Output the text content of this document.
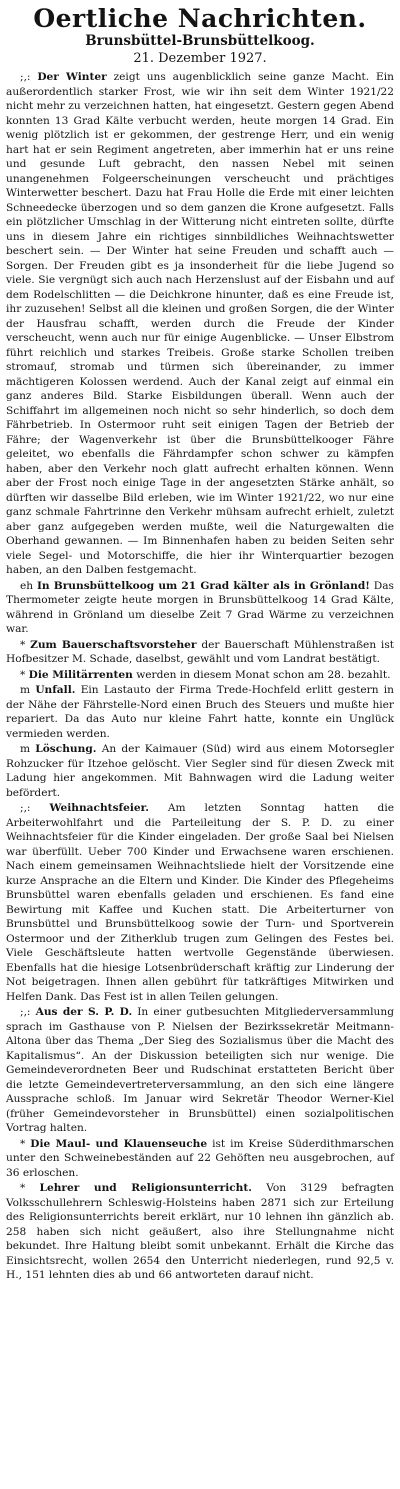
Oertliche Nachrichten.

Brunsbüttel-Brunsbüttelkoog.

21. Dezember 1927.

;,: Der Winter zeigt uns augenblicklich seine ganze Macht. Ein außerordentlich starker Frost, wie wir ihn seit dem Winter 1921/22 nicht mehr zu verzeichnen hatten, hat eingesetzt. Gestern gegen Abend konnten 13 Grad Kälte verbucht werden, heute morgen 14 Grad. Ein wenig plötzlich ist er gekommen, der gestrenge Herr, und ein wenig hart hat er sein Regiment angetreten, aber immerhin hat er uns reine und gesunde Luft gebracht, den nassen Nebel mit seinen unangenehmen Folgeerscheinungen verscheucht und prächtiges Winterwetter beschert. Dazu hat Frau Holle die Erde mit einer leichten Schneedecke überzogen und so dem ganzen die Krone aufgesetzt. Falls ein plötzlicher Umschlag in der Witterung nicht eintreten sollte, dürfte uns in diesem Jahre ein richtiges sinnbildliches Weihnachtswetter beschert sein. — Der Winter hat seine Freuden und schafft auch — Sorgen. Der Freuden gibt es ja insonderheit für die liebe Jugend so viele. Sie vergnügt sich auch nach Herzenslust auf der Eisbahn und auf dem Rodelschlitten — die Deichkrone hinunter, daß es eine Freude ist, ihr zuzusehen! Selbst all die kleinen und großen Sorgen, die der Winter der Hausfrau schafft, werden durch die Freude der Kinder verscheucht, wenn auch nur für einige Augenblicke. — Unser Elbstrom führt reichlich und starkes Treibeis. Große starke Schollen treiben stromauf, stromab und türmen sich übereinander, zu immer mächtigeren Kolossen werdend. Auch der Kanal zeigt auf einmal ein ganz anderes Bild. Starke Eisbildungen überall. Wenn auch der Schiffahrt im allgemeinen noch nicht so sehr hinderlich, so doch dem Fährbetrieb. In Ostermoor ruht seit einigen Tagen der Betrieb der Fähre; der Wagenverkehr ist über die Brunsbüttelkooger Fähre geleitet, wo ebenfalls die Fährdampfer schon schwer zu kämpfen haben, aber den Verkehr noch glatt aufrecht erhalten können. Wenn aber der Frost noch einige Tage in der angesetzten Stärke anhält, so dürften wir dasselbe Bild erleben, wie im Winter 1921/22, wo nur eine ganz schmale Fahrtrinne den Verkehr mühsam aufrecht erhielt, zuletzt aber ganz aufgegeben werden mußte, weil die Naturgewalten die Oberhand gewannen. — Im Binnenhafen haben zu beiden Seiten sehr viele Segel- und Motorschiffe, die hier ihr Winterquartier bezogen haben, an den Dalben festgemacht.

eh In Brunsbüttelkoog um 21 Grad kälter als in Grönland! Das Thermometer zeigte heute morgen in Brunsbüttelkoog 14 Grad Kälte, während in Grönland um dieselbe Zeit 7 Grad Wärme zu verzeichnen war.

* Zum Bauerschaftsvorsteher der Bauerschaft Mühlenstraßen ist Hofbesitzer M. Schade, daselbst, gewählt und vom Landrat bestätigt.

* Die Militärrenten werden in diesem Monat schon am 28. bezahlt.

m Unfall. Ein Lastauto der Firma Trede-Hochfeld erlitt gestern in der Nähe der Fährstelle-Nord einen Bruch des Steuers und mußte hier repariert. Da das Auto nur kleine Fahrt hatte, konnte ein Unglück vermieden werden.

m Löschung. An der Kaimauer (Süd) wird aus einem Motorsegler Rohzucker für Itzehoe gelöscht. Vier Segler sind für diesen Zweck mit Ladung hier angekommen. Mit Bahnwagen wird die Ladung weiter befördert.

;,: Weihnachtsfeier. Am letzten Sonntag hatten die Arbeiterwohlfahrt und die Parteileitung der S. P. D. zu einer Weihnachtsfeier für die Kinder eingeladen. Der große Saal bei Nielsen war überfüllt. Ueber 700 Kinder und Erwachsene waren erschienen. Nach einem gemeinsamen Weihnachtsliede hielt der Vorsitzende eine kurze Ansprache an die Eltern und Kinder. Die Kinder des Pflegeheims Brunsbüttel waren ebenfalls geladen und erschienen. Es fand eine Bewirtung mit Kaffee und Kuchen statt. Die Arbeiterturner von Brunsbüttel und Brunsbüttelkoog sowie der Turn- und Sportverein Ostermoor und der Zitherklub trugen zum Gelingen des Festes bei. Viele Geschäftsleute hatten wertvolle Gegenstände überwiesen. Ebenfalls hat die hiesige Lotsenbrüderschaft kräftig zur Linderung der Not beigetragen. Ihnen allen gebührt für tatkräftiges Mitwirken und Helfen Dank. Das Fest ist in allen Teilen gelungen.

;,: Aus der S. P. D. In einer gutbesuchten Mitgliederversammlung sprach im Gasthause von P. Nielsen der Bezirkssekretär Meitmann-Altona über das Thema „Der Sieg des Sozialismus über die Macht des Kapitalismus“. An der Diskussion beteiligten sich nur wenige. Die Gemeindeverordneten Beer und Rudschinat erstatteten Bericht über die letzte Gemeindevertreterversammlung, an den sich eine längere Aussprache schloß. Im Januar wird Sekretär Theodor Werner-Kiel (früher Gemeindevorsteher in Brunsbüttel) einen sozialpolitischen Vortrag halten.

* Die Maul- und Klauenseuche ist im Kreise Süderdithmarschen unter den Schweinebeständen auf 22 Gehöften neu ausgebrochen, auf 36 erloschen.

* Lehrer und Religionsunterricht. Von 3129 befragten Volksschullehrern Schleswig-Holsteins haben 2871 sich zur Erteilung des Religionsunterrichts bereit erklärt, nur 10 lehnen ihn gänzlich ab. 258 haben sich nicht geäußert, also ihre Stellungnahme nicht bekundet. Ihre Haltung bleibt somit unbekannt. Erhält die Kirche das Einsichtsrecht, wollen 2654 den Unterricht niederlegen, rund 92,5 v. H., 151 lehnten dies ab und 66 antworteten darauf nicht.
